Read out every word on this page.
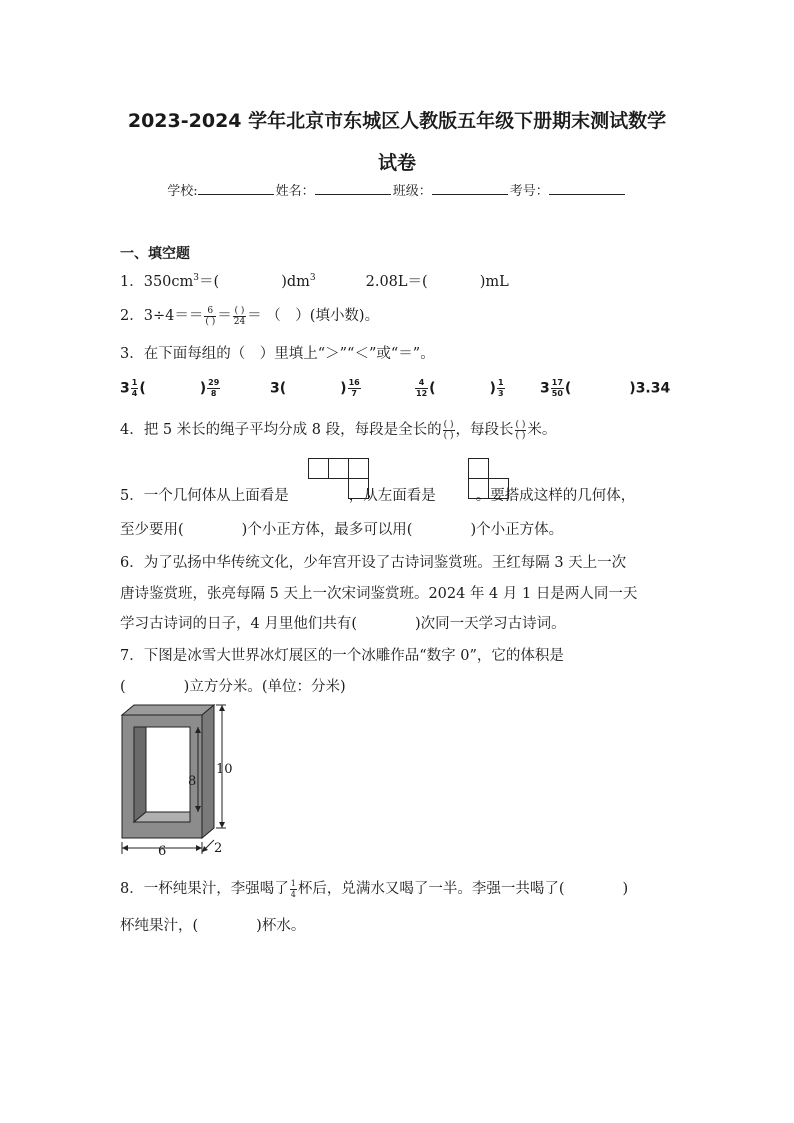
2023-2024 学年北京市东城区人教版五年级下册期末测试数学
试卷
学校:	姓名：	班级：	考号：
一、填空题
1．$350cm^3=$(	)$dm^3$	2.08L＝(	)mL
2．$3\div 4== \frac{6}{( )} = \frac{( )}{24}$ ＝ （　）(填小数)。
3．在下面每组的（　）里填上“＞”“＜”或“＝”。
$3 \frac{1}{4}$ (	) $\frac{29}{8}$	3(	) $\frac{16}{7}$	$\frac{4}{12}$ (	) $\frac{1}{3}$	$3 \frac{17}{50}$ (	)3.34
4．把 5 米长的绳子平均分成 8 段，每段是全长的 $\frac{( )}{( )}$ ，每段长 $\frac{( )}{( )}$ 米。
5．一个几何体从上面看是	，从左面看是	。要搭成这样的几何体，
至少要用(　　　　)个小正方体，最多可以用(　　　　)个小正方体。
6．为了弘扬中华传统文化，少年宫开设了古诗词鉴赏班。王红每隔 3 天上一次
唐诗鉴赏班，张亮每隔 5 天上一次宋词鉴赏班。2024 年 4 月 1 日是两人同一天
学习古诗词的日子，4 月里他们共有(　　　　)次同一天学习古诗词。
7．下图是冰雪大世界冰灯展区的一个冰雕作品“数字 0”，它的体积是
(　　　　)立方分米。(单位：分米)
10
8
6	2
8．一杯纯果汁，李强喝了 $\frac{1}{4}$ 杯后，兑满水又喝了一半。李强一共喝了(　　　　)
杯纯果汁，(　　　　)杯水。
